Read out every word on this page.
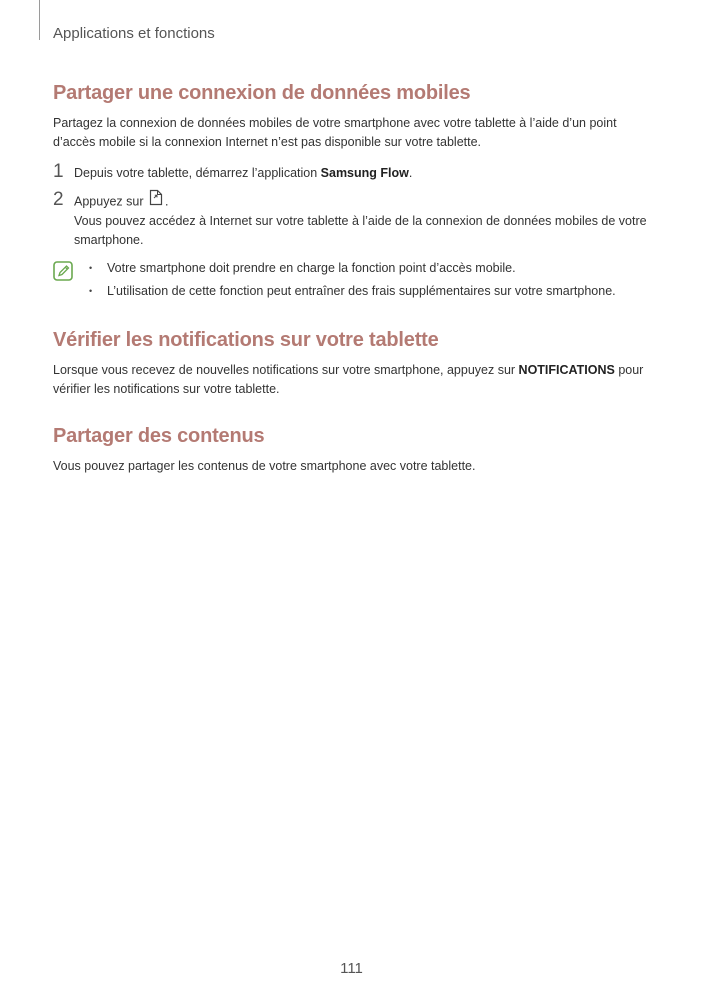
Applications et fonctions
Partager une connexion de données mobiles

Partagez la connexion de données mobiles de votre smartphone avec votre tablette à l’aide d’un point
d’accès mobile si la connexion Internet n’est pas disponible sur votre tablette.

1 Depuis votre tablette, démarrez l’application Samsung Flow.
2 Appuyez sur .
Vous pouvez accédez à Internet sur votre tablette à l’aide de la connexion de données mobiles de votre
smartphone.
• Votre smartphone doit prendre en charge la fonction point d’accès mobile.
• L’utilisation de cette fonction peut entraîner des frais supplémentaires sur votre smartphone.
Vérifier les notifications sur votre tablette

Lorsque vous recevez de nouvelles notifications sur votre smartphone, appuyez sur NOTIFICATIONS pour
vérifier les notifications sur votre tablette.

Partager des contenus

Vous pouvez partager les contenus de votre smartphone avec votre tablette.

111
